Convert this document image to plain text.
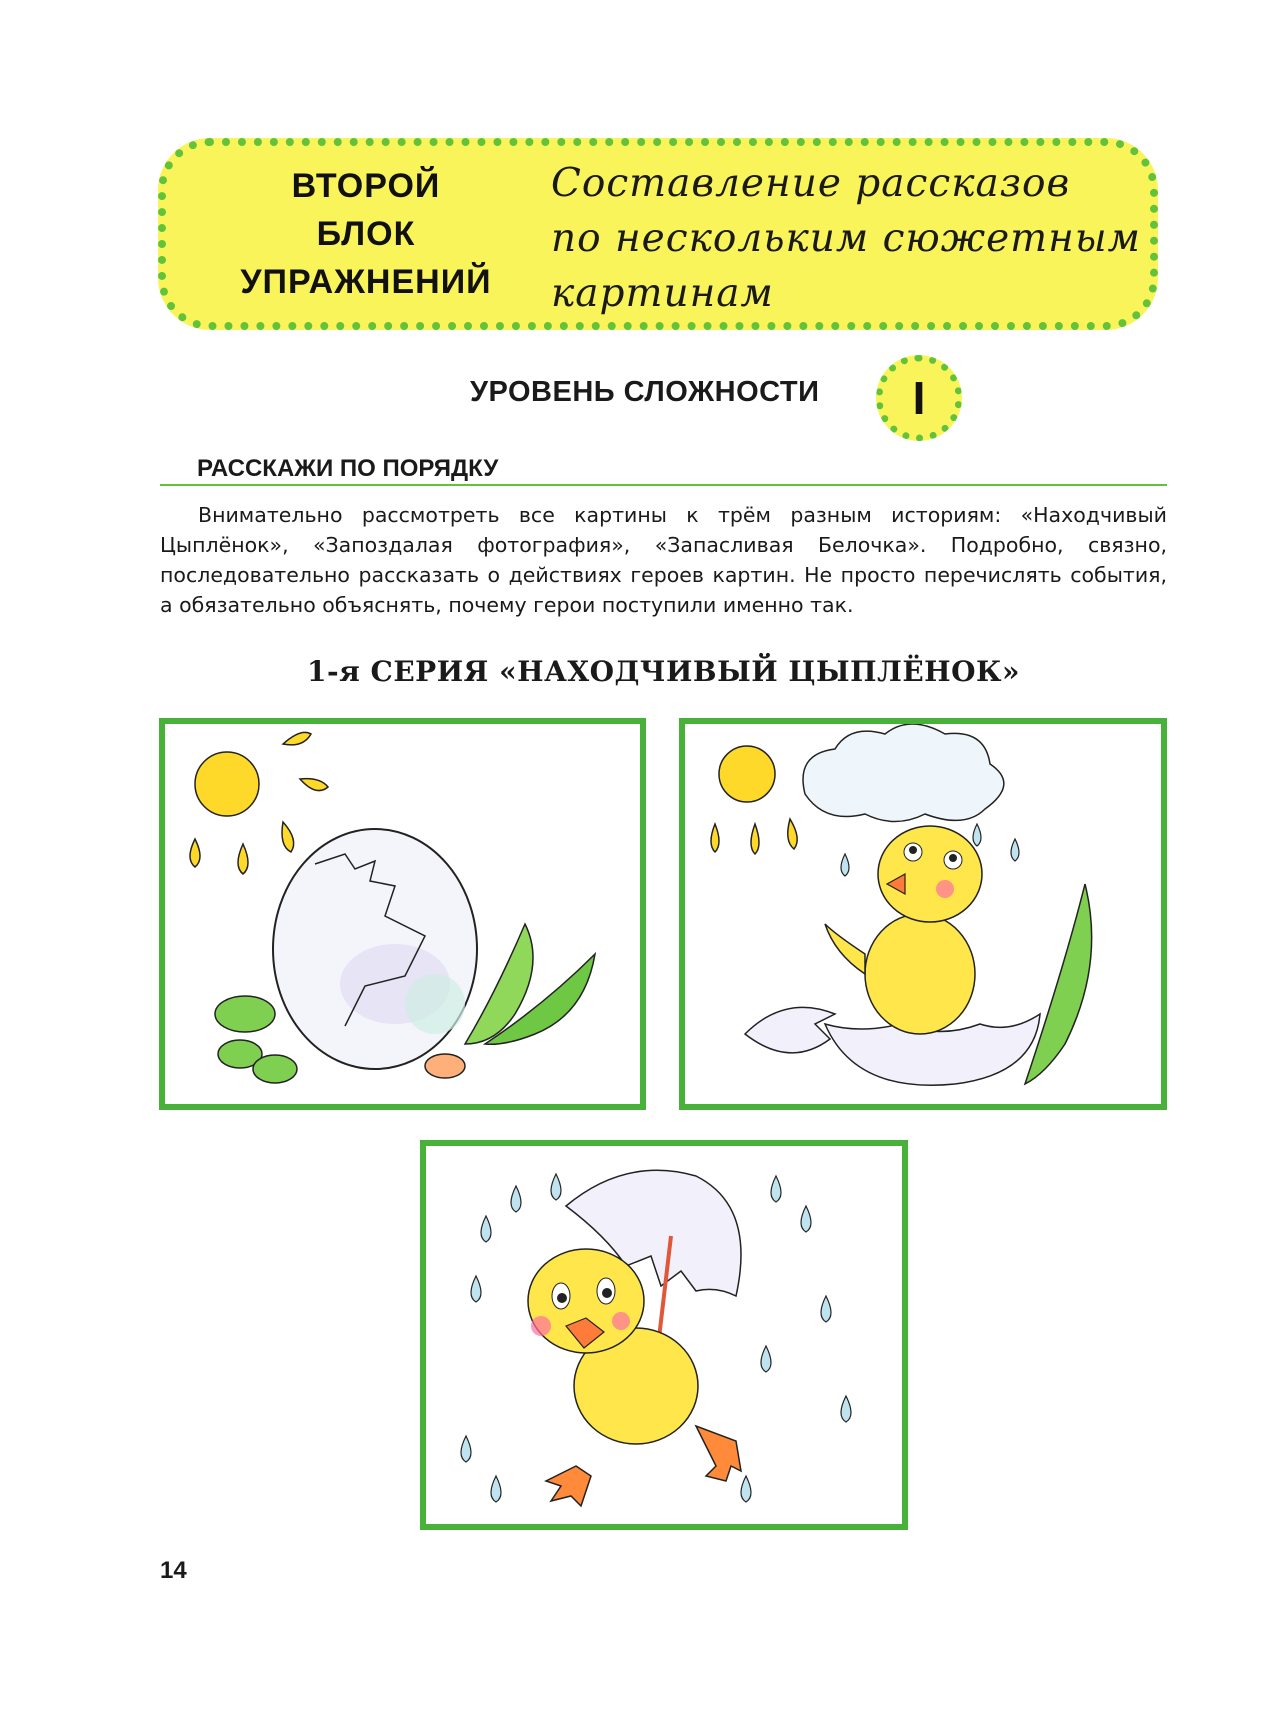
ВТОРОЙ
БЛОК
УПРАЖНЕНИЙ
Составление рассказов
по нескольким сюжетным
картинам
УРОВЕНЬ СЛОЖНОСТИ	I
РАССКАЖИ ПО ПОРЯДКУ
Внимательно рассмотреть все картины к трём разным историям: «Находчивый Цыплёнок», «Запоздалая фотография», «Запасливая Белочка». Подробно, связно, последовательно рассказать о действиях героев картин. Не просто перечислять события, а обязательно объяснять, почему герои поступили именно так.
1-я СЕРИЯ «НАХОДЧИВЫЙ ЦЫПЛЁНОК»
14
